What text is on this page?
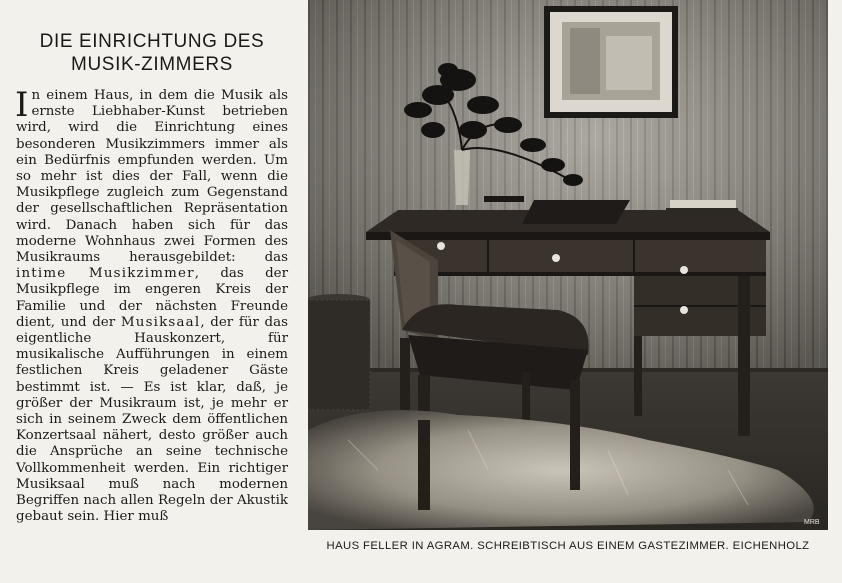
DIE EINRICHTUNG DES
MUSIK-ZIMMERS

In einem Haus, in dem die Musik als ernste Liebhaber-Kunst betrieben wird, wird die Einrichtung eines besonderen Musikzimmers immer als ein Bedürfnis empfunden werden. Um so mehr ist dies der Fall, wenn die Musikpflege zugleich zum Gegenstand der gesellschaftlichen Repräsentation wird. Danach haben sich für das moderne Wohnhaus zwei Formen des Musikraums herausgebildet: das intime Musikzimmer, das der Musikpflege im engeren Kreis der Familie und der nächsten Freunde dient, und der Musiksaal, der für das eigentliche Hauskonzert, für musikalische Aufführungen in einem festlichen Kreis geladener Gäste bestimmt ist. — Es ist klar, daß, je größer der Musikraum ist, je mehr er sich in seinem Zweck dem öffentlichen Konzertsaal nähert, desto größer auch die Ansprüche an seine technische Vollkommenheit werden. Ein richtiger Musiksaal muß nach modernen Begriffen nach allen Regeln der Akustik gebaut sein. Hier muß	MRB
HAUS FELLER IN AGRAM. SCHREIBTISCH AUS EINEM GASTEZIMMER. EICHENHOLZ
